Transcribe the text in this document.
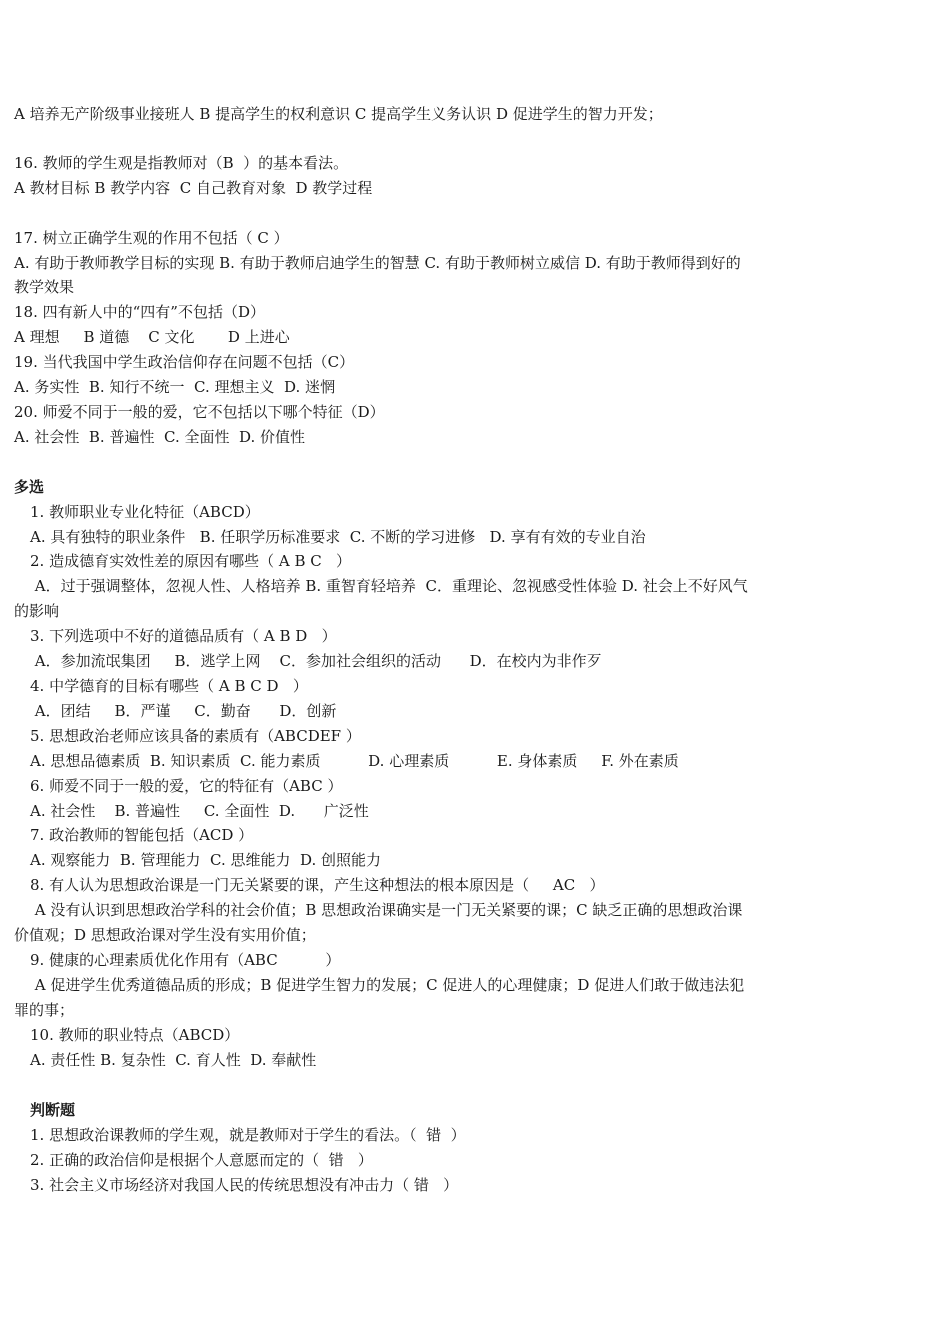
A 培养无产阶级事业接班人 B 提高学生的权利意识 C 提高学生义务认识 D 促进学生的智力开发；
16. 教师的学生观是指教师对（B  ）的基本看法。
A 教材目标 B 教学内容  C 自己教育对象  D 教学过程
17. 树立正确学生观的作用不包括（ C ）
A. 有助于教师教学目标的实现 B. 有助于教师启迪学生的智慧 C. 有助于教师树立威信 D. 有助于教师得到好的
教学效果
18. 四有新人中的“四有”不包括（D）
A 理想     B 道德    C 文化       D 上进心
19. 当代我国中学生政治信仰存在问题不包括（C）
A. 务实性  B. 知行不统一  C. 理想主义  D. 迷惘
20. 师爱不同于一般的爱，它不包括以下哪个特征（D）
A. 社会性  B. 普遍性  C. 全面性  D. 价值性
多选
1. 教师职业专业化特征（ABCD）
A. 具有独特的职业条件   B. 任职学历标准要求  C. 不断的学习进修   D. 享有有效的专业自治
2. 造成德育实效性差的原因有哪些（ A B C   ）
A．过于强调整体，忽视人性、人格培养 B. 重智育轻培养  C．重理论、忽视感受性体验 D. 社会上不好风气
的影响
3. 下列选项中不好的道德品质有（ A B D   ）
A．参加流氓集团     B．逃学上网    C．参加社会组织的活动      D．在校内为非作歹
4. 中学德育的目标有哪些（ A B C D   ）
A．团结     B．严谨     C．勤奋      D．创新
5. 思想政治老师应该具备的素质有（ABCDEF ）
A. 思想品德素质  B. 知识素质  C. 能力素质          D. 心理素质          E. 身体素质     F. 外在素质
6. 师爱不同于一般的爱，它的特征有（ABC ）
A. 社会性    B. 普遍性     C. 全面性  D.      广泛性
7. 政治教师的智能包括（ACD ）
A. 观察能力  B. 管理能力  C. 思维能力  D. 创照能力
8. 有人认为思想政治课是一门无关紧要的课，产生这种想法的根本原因是（     AC   ）
A 没有认识到思想政治学科的社会价值；B 思想政治课确实是一门无关紧要的课；C 缺乏正确的思想政治课
价值观；D 思想政治课对学生没有实用价值；
9. 健康的心理素质优化作用有（ABC          ）
A 促进学生优秀道德品质的形成；B 促进学生智力的发展；C 促进人的心理健康；D 促进人们敢于做违法犯
罪的事；
10. 教师的职业特点（ABCD）
A. 责任性 B. 复杂性  C. 育人性  D. 奉献性
判断题
1. 思想政治课教师的学生观，就是教师对于学生的看法。（  错  ）
2. 正确的政治信仰是根据个人意愿而定的（  错   ）
3. 社会主义市场经济对我国人民的传统思想没有冲击力（ 错   ）
